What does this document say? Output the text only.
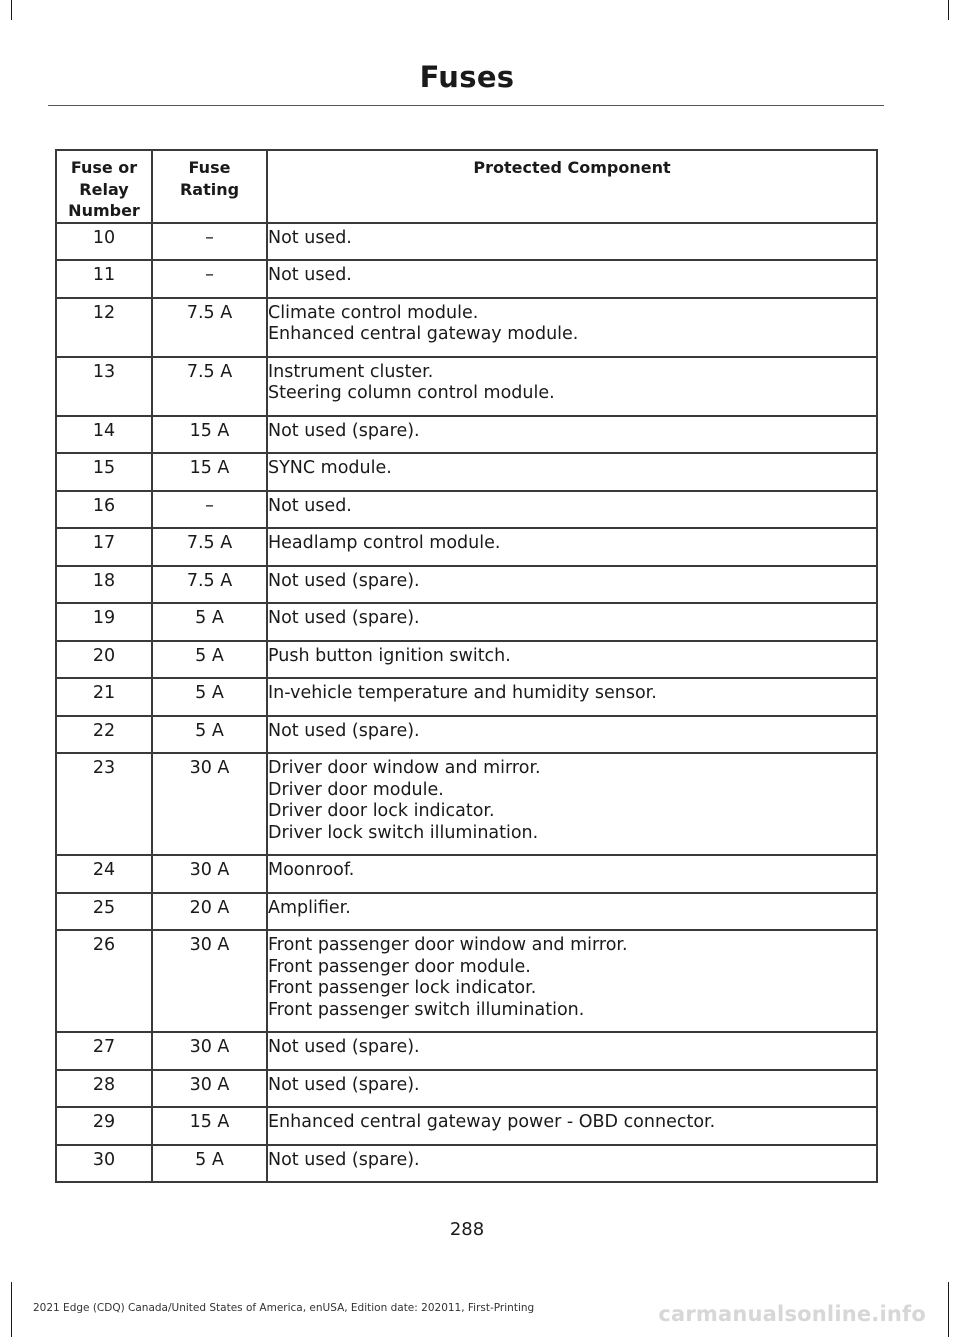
Fuses
Fuse or Relay Number	Fuse Rating	Protected Component

10	–	Not used.

11	–	Not used.

12	7.5 A	Climate control module.
Enhanced central gateway module.

13	7.5 A	Instrument cluster.
Steering column control module.

14	15 A	Not used (spare).

15	15 A	SYNC module.

16	–	Not used.

17	7.5 A	Headlamp control module.

18	7.5 A	Not used (spare).

19	5 A	Not used (spare).

20	5 A	Push button ignition switch.

21	5 A	In-vehicle temperature and humidity sensor.

22	5 A	Not used (spare).

23	30 A	Driver door window and mirror.
Driver door module.
Driver door lock indicator.
Driver lock switch illumination.

24	30 A	Moonroof.

25	20 A	Amplifier.

26	30 A	Front passenger door window and mirror.
Front passenger door module.
Front passenger lock indicator.
Front passenger switch illumination.

27	30 A	Not used (spare).

28	30 A	Not used (spare).

29	15 A	Enhanced central gateway power - OBD connector.

30	5 A	Not used (spare).
288
2021 Edge (CDQ) Canada/United States of America, enUSA, Edition date: 202011, First-Printing	carmanualsonline.info
